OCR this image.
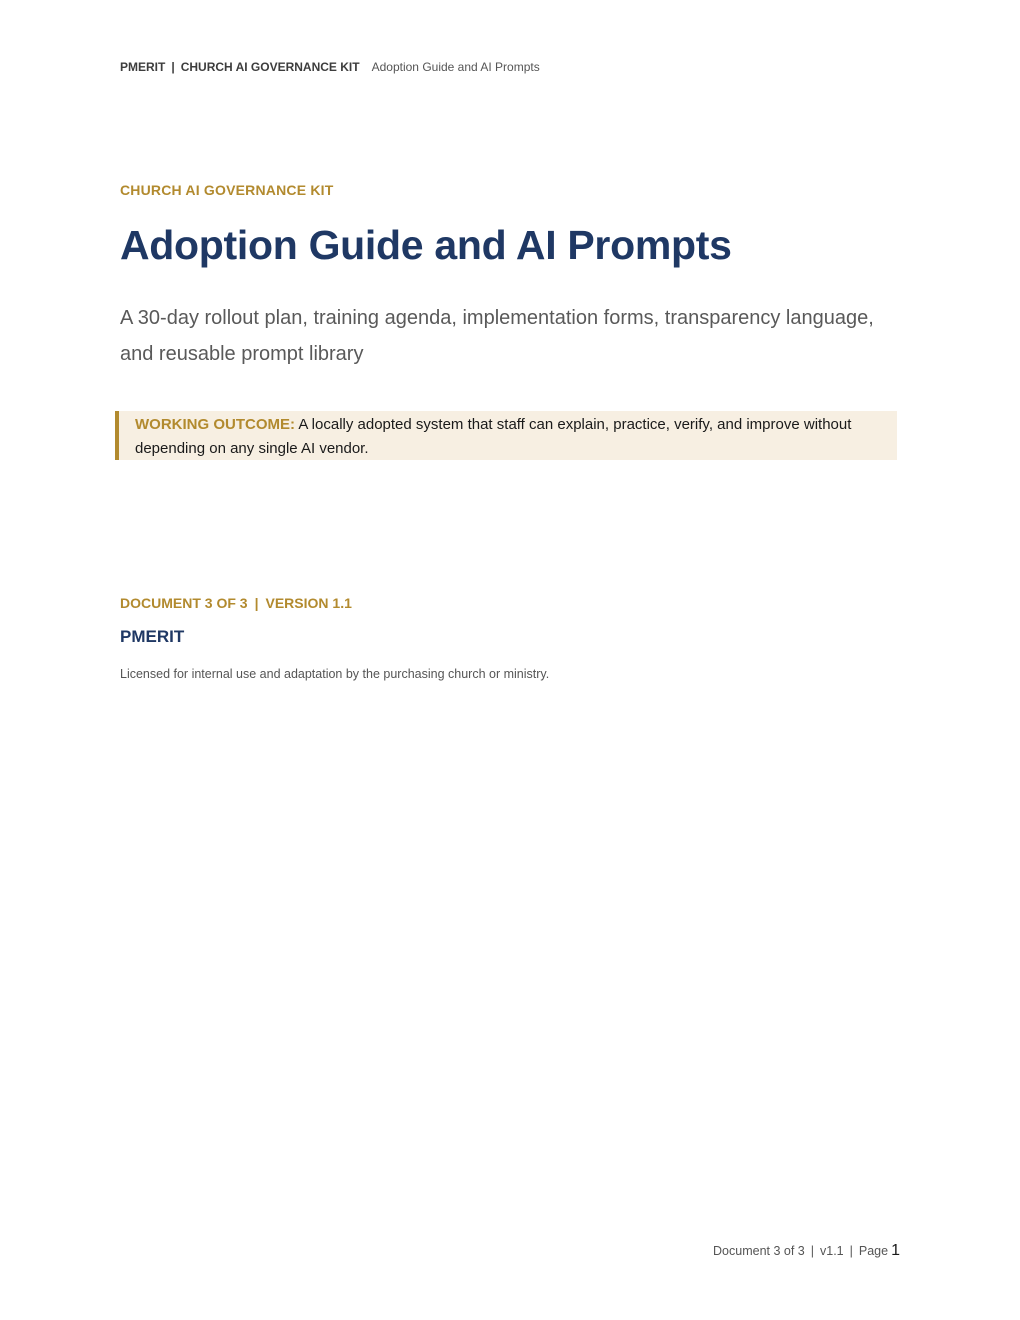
PMERIT | CHURCH AI GOVERNANCE KIT Adoption Guide and AI Prompts
CHURCH AI GOVERNANCE KIT
Adoption Guide and AI Prompts

A 30-day rollout plan, training agenda, implementation forms, transparency language, and reusable prompt library

WORKING OUTCOME: A locally adopted system that staff can explain, practice, verify, and improve without depending on any single AI vendor.
DOCUMENT 3 OF 3 | VERSION 1.1
PMERIT
Licensed for internal use and adaptation by the purchasing church or ministry.
Document 3 of 3 | v1.1 | Page 1
